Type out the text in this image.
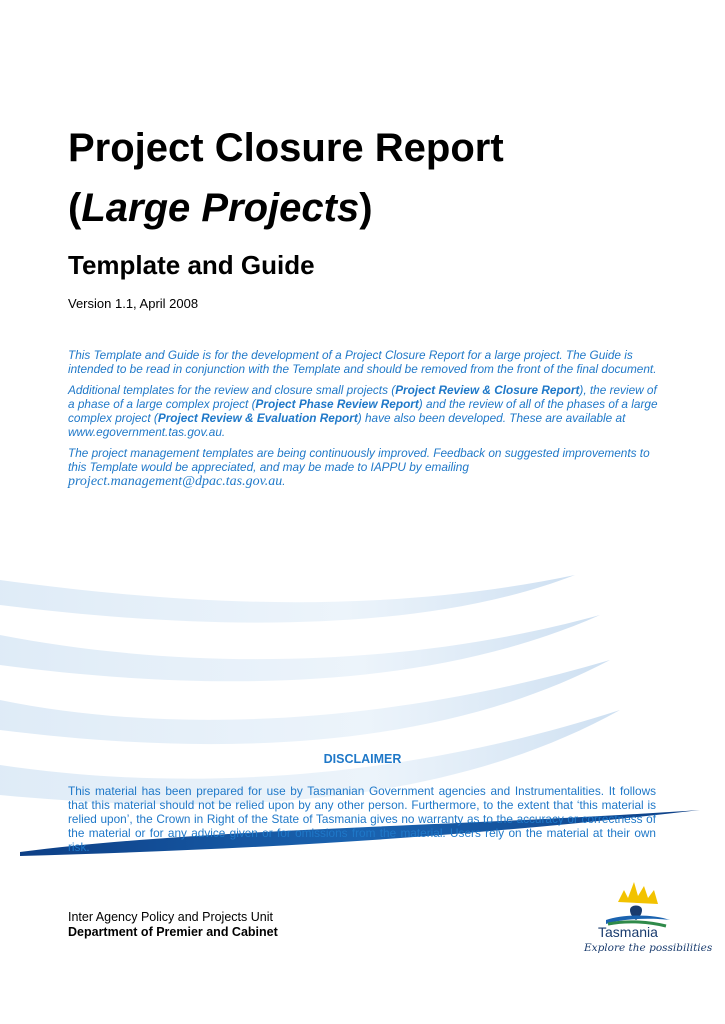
Project Closure Report

(Large Projects)

Template and Guide
Version 1.1, April 2008

This Template and Guide is for the development of a Project Closure Report for a large project. The Guide is intended to be read in conjunction with the Template and should be removed from the front of the final document.

Additional templates for the review and closure small projects (Project Review & Closure Report), the review of a phase of a large complex project (Project Phase Review Report) and the review of all of the phases of a large complex project (Project Review & Evaluation Report) have also been developed. These are available at www.egovernment.tas.gov.au.

The project management templates are being continuously improved. Feedback on suggested improvements to this Template would be appreciated, and may be made to IAPPU by emailing
project.management@dpac.tas.gov.au.

DISCLAIMER
This material has been prepared for use by Tasmanian Government agencies and Instrumentalities. It follows that this material should not be relied upon by any other person. Furthermore, to the extent that ‘this material is relied upon’, the Crown in Right of the State of Tasmania gives no warranty as to the accuracy or correctness of the material or for any advice given or for omissions from the material. Users rely on the material at their own risk.
Inter Agency Policy and Projects Unit
Department of Premier and Cabinet	Tasmania
Explore the possibilities
